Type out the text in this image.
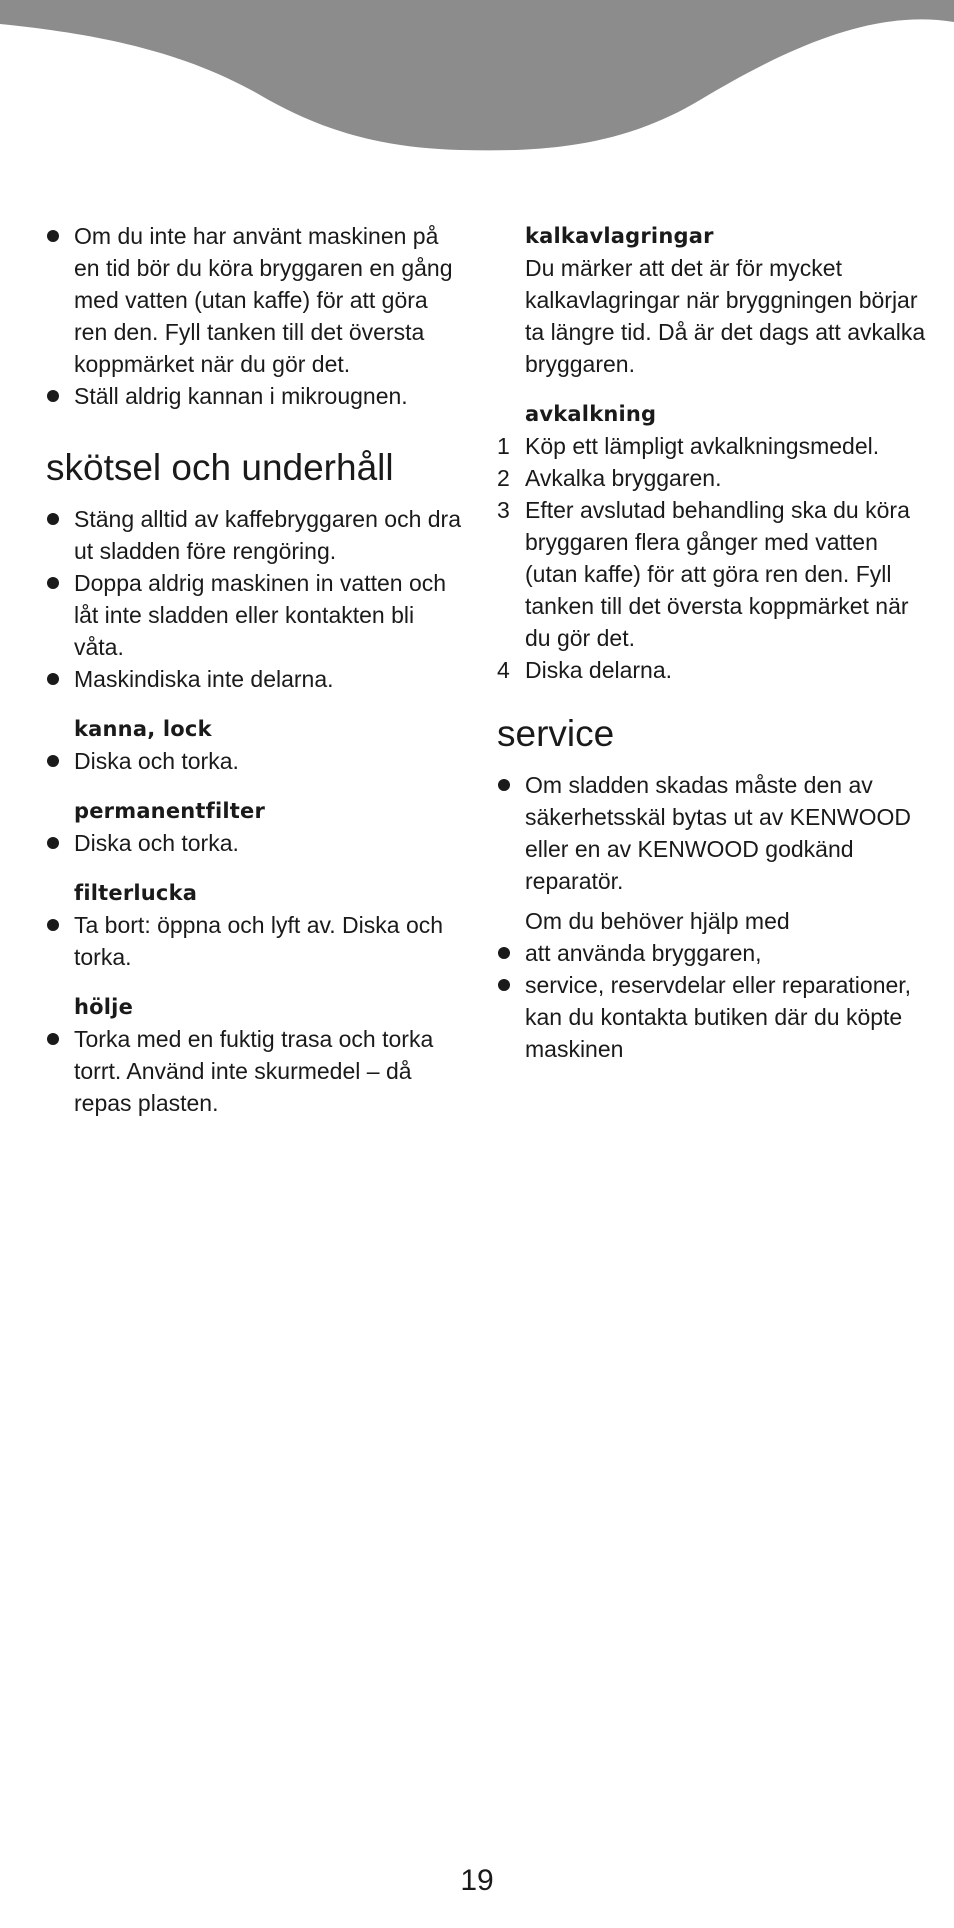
Om du inte har använt maskinen på en tid bör du köra bryggaren en gång med vatten (utan kaffe) för att göra ren den. Fyll tanken till det översta koppmärket när du gör det.
Ställ aldrig kannan i mikrougnen.
skötsel och underhåll
Stäng alltid av kaffebryggaren och dra ut sladden före rengöring.
Doppa aldrig maskinen in vatten och låt inte sladden eller kontakten bli våta.
Maskindiska inte delarna.
kanna, lock
Diska och torka.
permanentfilter
Diska och torka.
filterlucka
Ta bort: öppna och lyft av. Diska och torka.
hölje
Torka med en fuktig trasa och torka torrt. Använd inte skurmedel – då repas plasten.
kalkavlagringar

Du märker att det är för mycket kalkavlagringar när bryggningen börjar ta längre tid. Då är det dags att avkalka bryggaren.

avkalkning
1 Köp ett lämpligt avkalkningsmedel.
2 Avkalka bryggaren.
3 Efter avslutad behandling ska du köra bryggaren flera gånger med vatten (utan kaffe) för att göra ren den. Fyll tanken till det översta koppmärket när du gör det.
4 Diska delarna.
service
Om sladden skadas måste den av säkerhetsskäl bytas ut av KENWOOD eller en av KENWOOD godkänd reparatör.

Om du behöver hjälp med

att använda bryggaren,
service, reservdelar eller reparationer, kan du kontakta butiken där du köpte maskinen
19
